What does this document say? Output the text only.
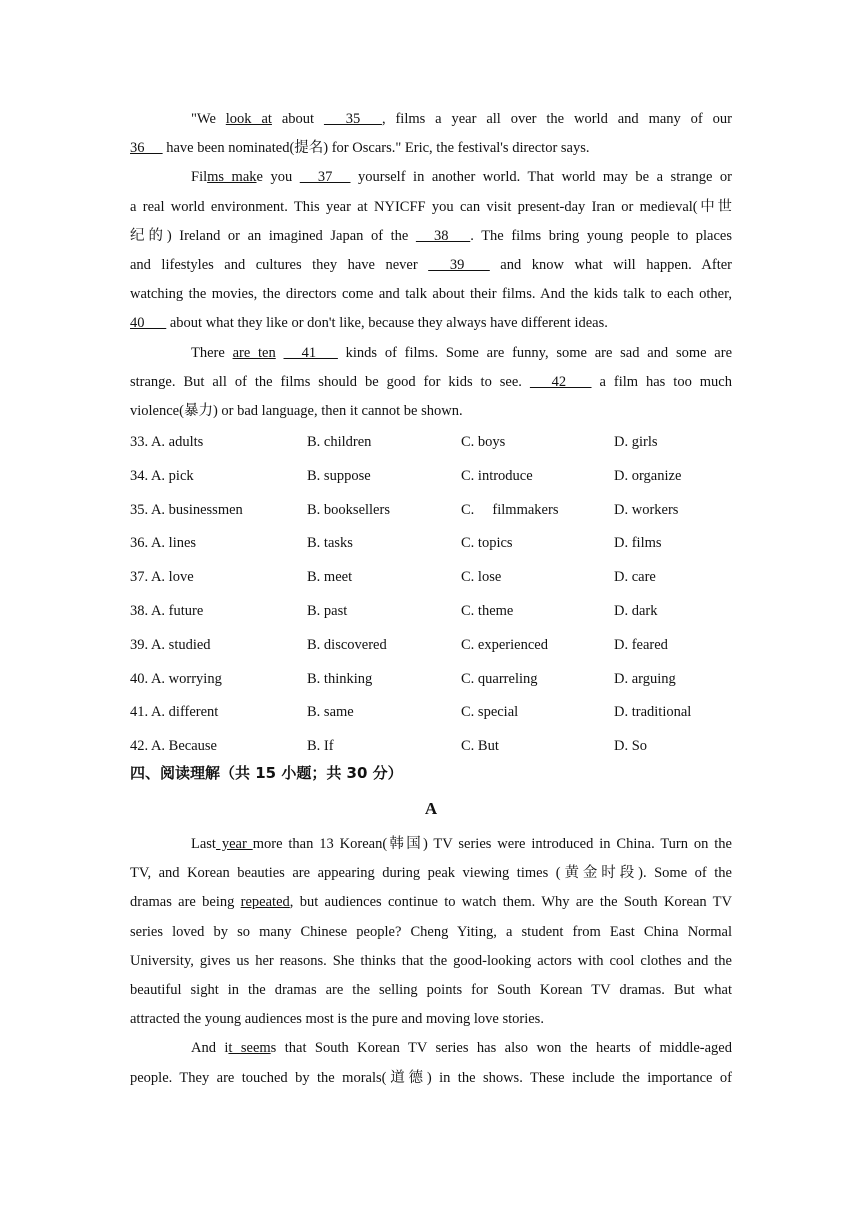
"We look at about       35      , films a year all over the world and many of our
36      have been nominated(提名) for Oscars." Eric, the festival's director says.
Films make you      37      yourself in another world. That world may be a strange or
a real world environment. This year at NYICFF you can visit present-day Iran or medieval(中世
纪的) Ireland or an imagined Japan of the      38      . The films bring young people to places
and lifestyles and cultures they have never       39        and know what will happen. After
watching the movies, the directors come and talk about their films. And the kids talk to each other,
40       about what they like or don't like, because they always have different ideas.
There are ten      41       kinds of films. Some are funny, some are sad and some are
strange. But all of the films should be good for kids to see.       42        a film has too much
violence(暴力) or bad language, then it cannot be shown.
33. A. adults	B. children	C. boys	D. girls
34. A. pick	B. suppose	C. introduce	D. organize
35. A. businessmen	B. booksellers	C.     filmmakers	D. workers
36. A. lines	B. tasks	C. topics	D. films
37. A. love	B. meet	C. lose	D. care
38. A. future	B. past	C. theme	D. dark
39. A. studied	B. discovered	C. experienced	D. feared
40. A. worrying	B. thinking	C. quarreling	D. arguing
41. A. different	B. same	C. special	D. traditional
42. A. Because	B. If	C. But	D. So
四、阅读理解（共 15 小题；共 30 分）
A
Last year more than 13 Korean(韩国) TV series were introduced in China. Turn on the
TV, and Korean beauties are appearing during peak viewing times (黄金时段). Some of the
dramas are being repeated, but audiences continue to watch them. Why are the South Korean TV
series loved by so many Chinese people? Cheng Yiting, a student from East China Normal
University, gives us her reasons. She thinks that the good-looking actors with cool clothes and the
beautiful sight in the dramas are the selling points for South Korean TV dramas. But what
attracted the young audiences most is the pure and moving love stories.
And it seems that South Korean TV series has also won the hearts of middle-aged
people. They are touched by the morals(道德) in the shows. These include the importance of
